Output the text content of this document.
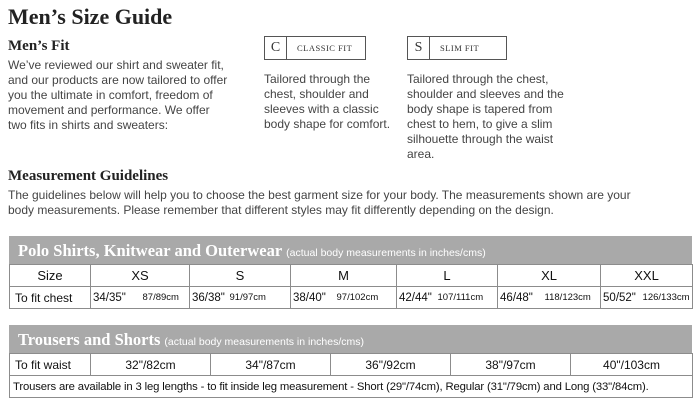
Men’s Size Guide
Men’s Fit

We’ve reviewed our shirt and sweater fit, and our products are now tailored to offer you the ultimate in comfort, freedom of movement and performance. We offer two fits in shirts and sweaters:

C	CLASSIC FIT

Tailored through the chest, shoulder and sleeves with a classic body shape for comfort.

S	SLIM FIT

Tailored through the chest, shoulder and sleeves and the body shape is tapered from chest to hem, to give a slim silhouette through the waist area.

Measurement Guidelines

The guidelines below will help you to choose the best garment size for your body. The measurements shown are your body measurements. Please remember that different styles may fit differently depending on the design.

Polo Shirts, Knitwear and Outerwear (actual body measurements in inches/cms)
Size	XS		S		M		L		XL		XXL	
To fit chest	34/35"	87/89cm	36/38"	91/97cm	38/40"	97/102cm	42/44"	107/111cm	46/48"	118/123cm	50/52"	126/133cm
Trousers and Shorts (actual body measurements in inches/cms)
To fit waist	32"/82cm	34"/87cm	36"/92cm	38"/97cm	40"/103cm
Trousers are available in 3 leg lengths - to fit inside leg measurement - Short (29"/74cm), Regular (31"/79cm) and Long (33"/84cm).
